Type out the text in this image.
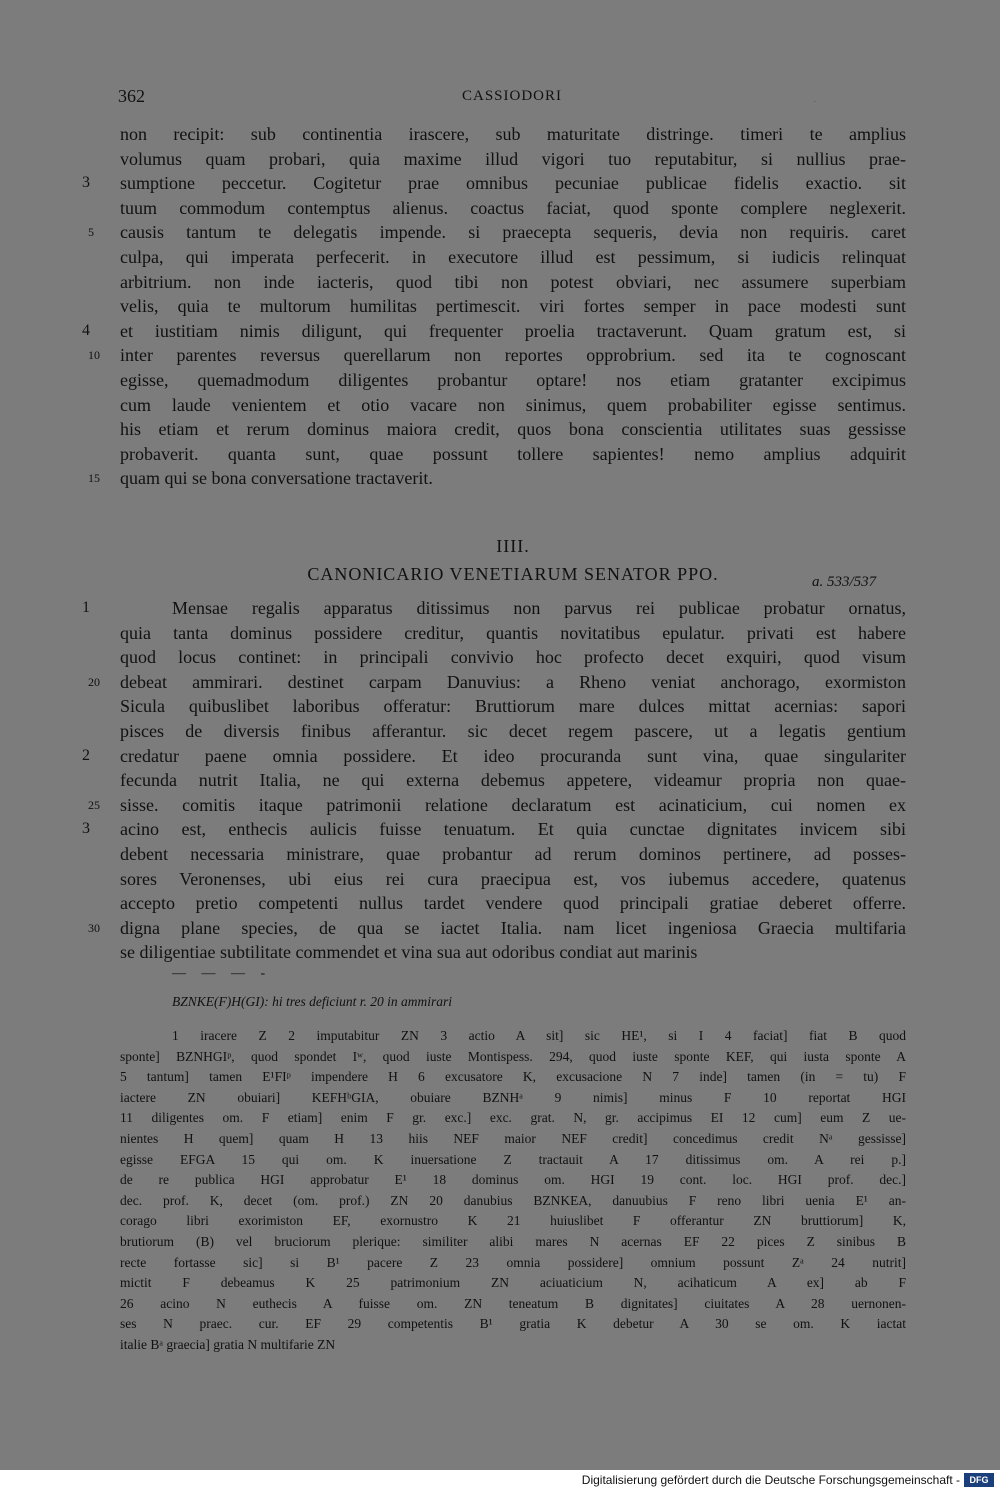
362	CASSIODORI	.
non recipit: sub continentia irascere, sub maturitate distringe. timeri te amplius
volumus quam probari, quia maxime illud vigori tuo reputabitur, si nullius prae-
3	sumptione peccetur. Cogitetur prae omnibus pecuniae publicae fidelis exactio. sit
tuum commodum contemptus alienus. coactus faciat, quod sponte complere neglexerit.
5	causis tantum te delegatis impende. si praecepta sequeris, devia non requiris. caret
culpa, qui imperata perfecerit. in executore illud est pessimum, si iudicis relinquat
arbitrium. non inde iacteris, quod tibi non potest obviari, nec assumere superbiam
velis, quia te multorum humilitas pertimescit. viri fortes semper in pace modesti sunt
4	et iustitiam nimis diligunt, qui frequenter proelia tractaverunt. Quam gratum est, si
10 inter parentes reversus querellarum non reportes opprobrium. sed ita te cognoscant
egisse, quemadmodum diligentes probantur optare! nos etiam gratanter excipimus
cum laude venientem et otio vacare non sinimus, quem probabiliter egisse sentimus.
his etiam et rerum dominus maiora credit, quos bona conscientia utilitates suas gessisse
probaverit. quanta sunt, quae possunt tollere sapientes! nemo amplius adquirit
15 quam qui se bona conversatione tractaverit.
IIII.
CANONICARIO VENETIARUM SENATOR PPO.	a. 533/537
1	Mensae regalis apparatus ditissimus non parvus rei publicae probatur ornatus,
quia tanta dominus possidere creditur, quantis novitatibus epulatur. privati est habere
quod locus continet: in principali convivio hoc profecto decet exquiri, quod visum
20 debeat ammirari. destinet carpam Danuvius: a Rheno veniat anchorago, exormiston
Sicula quibuslibet laboribus offeratur: Bruttiorum mare dulces mittat acernias: sapori
pisces de diversis finibus afferantur. sic decet regem pascere, ut a legatis gentium
2	credatur paene omnia possidere. Et ideo procuranda sunt vina, quae singulariter
fecunda nutrit Italia, ne qui externa debemus appetere, videamur propria non quae-
25 sisse. comitis itaque patrimonii relatione declaratum est acinaticium, cui nomen ex
3	acino est, enthecis aulicis fuisse tenuatum. Et quia cunctae dignitates invicem sibi
debent necessaria ministrare, quae probantur ad rerum dominos pertinere, ad posses-
sores Veronenses, ubi eius rei cura praecipua est, vos iubemus accedere, quatenus
accepto pretio competenti nullus tardet vendere quod principali gratiae deberet offerre.
30 digna plane species, de qua se iactet Italia. nam licet ingeniosa Graecia multifaria
se diligentiae subtilitate commendet et vina sua aut odoribus condiat aut marinis
— — — -
BZNKE(F)H(GI): hi tres deficiunt r. 20 in ammirari
1 iracere Z 2 imputabitur ZN 3 actio A sit] sic HE¹, si I 4 faciat] fiat B quod
sponte] BZNHGIᵖ, quod spondet Iʷ, quod iuste Montispess. 294, quod iuste sponte KEF, qui iusta sponte A
5 tantum] tamen E¹FIᵖ impendere H 6 excusatore K, excusacione N 7 inde] tamen (in = tu) F
iactere ZN obuiari] KEFHᵇGIA, obuiare BZNHᵃ 9 nimis] minus F 10 reportat HGI
11 diligentes om. F etiam] enim F gr. exc.] exc. grat. N, gr. accipimus EI 12 cum] eum Z ue-
nientes H quem] quam H 13 hiis NEF maior NEF credit] concedimus credit Nᵃ gessisse]
egisse EFGA 15 qui om. K inuersatione Z tractauit A 17 ditissimus om. A rei p.]
de re publica HGI approbatur E¹ 18 dominus om. HGI 19 cont. loc. HGI prof. dec.]
dec. prof. K, decet (om. prof.) ZN 20 danubius BZNKEA, danuubius F reno libri uenia E¹ an-
corago libri exorimiston EF, exornustro K 21 huiuslibet F offerantur ZN bruttiorum] K,
brutiorum (B) vel bruciorum plerique: similiter alibi mares N acernas EF 22 pices Z sinibus B
recte fortasse sic] si B¹ pacere Z 23 omnia possidere] omnium possunt Zᵃ 24 nutrit]
mictit F debeamus K 25 patrimonium ZN aciuaticium N, acihaticum A ex] ab F
26 acino N euthecis A fuisse om. ZN teneatum B dignitates] ciuitates A 28 uernonen-
ses N praec. cur. EF 29 competentis B¹ gratia K debetur A 30 se om. K iactat
italie Bᵃ graecia] gratia N multifarie ZN
Digitalisierung gefördert durch die Deutsche Forschungsgemeinschaft -	DFG
